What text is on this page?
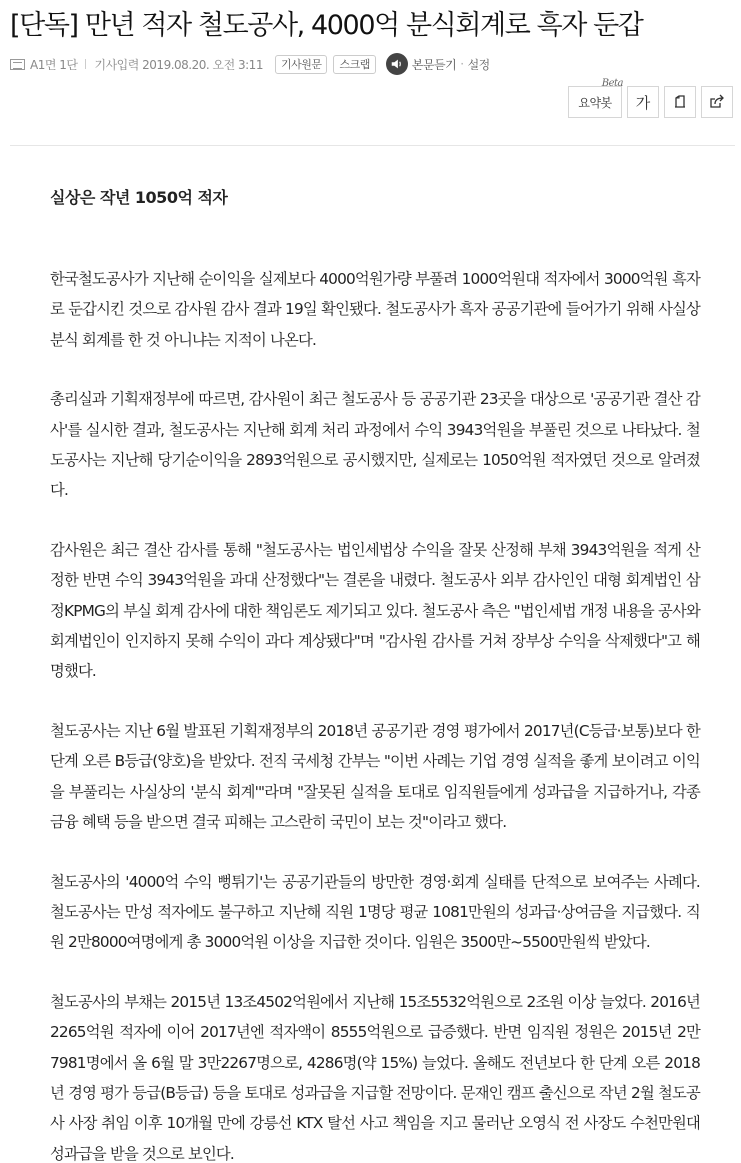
[단독] 만년 적자 철도공사, 4000억 분식회계로 흑자 둔갑
A1면 1단 기사입력 2019.08.20. 오전 3:11	기사원문	스크랩	본문듣기 · 설정
요약봇
Beta
가
실상은 작년 1050억 적자

한국철도공사가 지난해 순이익을 실제보다 4000억원가량 부풀려 1000억원대 적자에서 3000억원 흑자로 둔갑시킨 것으로 감사원 감사 결과 19일 확인됐다. 철도공사가 흑자 공공기관에 들어가기 위해 사실상 분식 회계를 한 것 아니냐는 지적이 나온다.

총리실과 기획재정부에 따르면, 감사원이 최근 철도공사 등 공공기관 23곳을 대상으로 '공공기관 결산 감사'를 실시한 결과, 철도공사는 지난해 회계 처리 과정에서 수익 3943억원을 부풀린 것으로 나타났다. 철도공사는 지난해 당기순이익을 2893억원으로 공시했지만, 실제로는 1050억원 적자였던 것으로 알려졌다.

감사원은 최근 결산 감사를 통해 "철도공사는 법인세법상 수익을 잘못 산정해 부채 3943억원을 적게 산정한 반면 수익 3943억원을 과대 산정했다"는 결론을 내렸다. 철도공사 외부 감사인인 대형 회계법인 삼정KPMG의 부실 회계 감사에 대한 책임론도 제기되고 있다. 철도공사 측은 "법인세법 개정 내용을 공사와 회계법인이 인지하지 못해 수익이 과다 계상됐다"며 "감사원 감사를 거쳐 장부상 수익을 삭제했다"고 해명했다.

철도공사는 지난 6월 발표된 기획재정부의 2018년 공공기관 경영 평가에서 2017년(C등급·보통)보다 한 단계 오른 B등급(양호)을 받았다. 전직 국세청 간부는 "이번 사례는 기업 경영 실적을 좋게 보이려고 이익을 부풀리는 사실상의 '분식 회계'"라며 "잘못된 실적을 토대로 임직원들에게 성과급을 지급하거나, 각종 금융 혜택 등을 받으면 결국 피해는 고스란히 국민이 보는 것"이라고 했다.

철도공사의 '4000억 수익 뻥튀기'는 공공기관들의 방만한 경영·회계 실태를 단적으로 보여주는 사례다. 철도공사는 만성 적자에도 불구하고 지난해 직원 1명당 평균 1081만원의 성과급·상여금을 지급했다. 직원 2만8000여명에게 총 3000억원 이상을 지급한 것이다. 임원은 3500만~5500만원씩 받았다.

철도공사의 부채는 2015년 13조4502억원에서 지난해 15조5532억원으로 2조원 이상 늘었다. 2016년 2265억원 적자에 이어 2017년엔 적자액이 8555억원으로 급증했다. 반면 임직원 정원은 2015년 2만7981명에서 올 6월 말 3만2267명으로, 4286명(약 15%) 늘었다. 올해도 전년보다 한 단계 오른 2018년 경영 평가 등급(B등급) 등을 토대로 성과급을 지급할 전망이다. 문재인 캠프 출신으로 작년 2월 철도공사 사장 취임 이후 10개월 만에 강릉선 KTX 탈선 사고 책임을 지고 물러난 오영식 전 사장도 수천만원대 성과급을 받을 것으로 보인다.
